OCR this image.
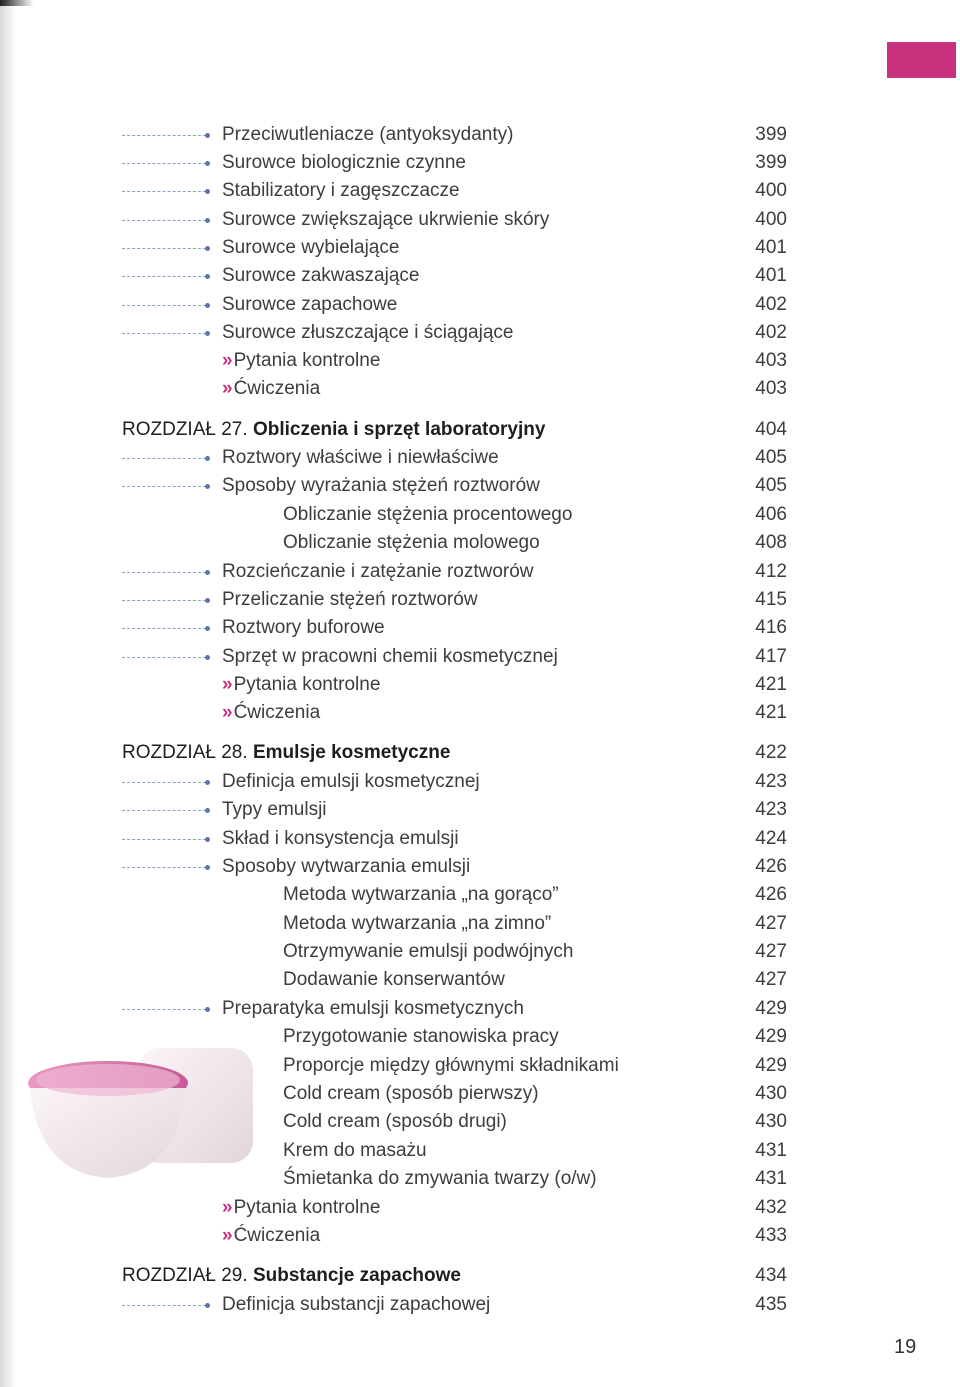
Przeciwutleniacze (antyoksydanty)	399
Surowce biologicznie czynne	399
Stabilizatory i zagęszczacze	400
Surowce zwiększające ukrwienie skóry	400
Surowce wybielające	401
Surowce zakwaszające	401
Surowce zapachowe	402
Surowce złuszczające i ściągające	402
» Pytania kontrolne	403
» Ćwiczenia	403
ROZDZIAŁ 27. Obliczenia i sprzęt laboratoryjny	404
Roztwory właściwe i niewłaściwe	405
Sposoby wyrażania stężeń roztworów	405
Obliczanie stężenia procentowego	406
Obliczanie stężenia molowego	408
Rozcieńczanie i zatężanie roztworów	412
Przeliczanie stężeń roztworów	415
Roztwory buforowe	416
Sprzęt w pracowni chemii kosmetycznej	417
» Pytania kontrolne	421
» Ćwiczenia	421
ROZDZIAŁ 28. Emulsje kosmetyczne	422
Definicja emulsji kosmetycznej	423
Typy emulsji	423
Skład i konsystencja emulsji	424
Sposoby wytwarzania emulsji	426
Metoda wytwarzania „na gorąco”	426
Metoda wytwarzania „na zimno”	427
Otrzymywanie emulsji podwójnych	427
Dodawanie konserwantów	427
Preparatyka emulsji kosmetycznych	429
Przygotowanie stanowiska pracy	429
Proporcje między głównymi składnikami	429
Cold cream (sposób pierwszy)	430
Cold cream (sposób drugi)	430
Krem do masażu	431
Śmietanka do zmywania twarzy (o/w)	431
» Pytania kontrolne	432
» Ćwiczenia	433
ROZDZIAŁ 29. Substancje zapachowe	434
Definicja substancji zapachowej	435
19
